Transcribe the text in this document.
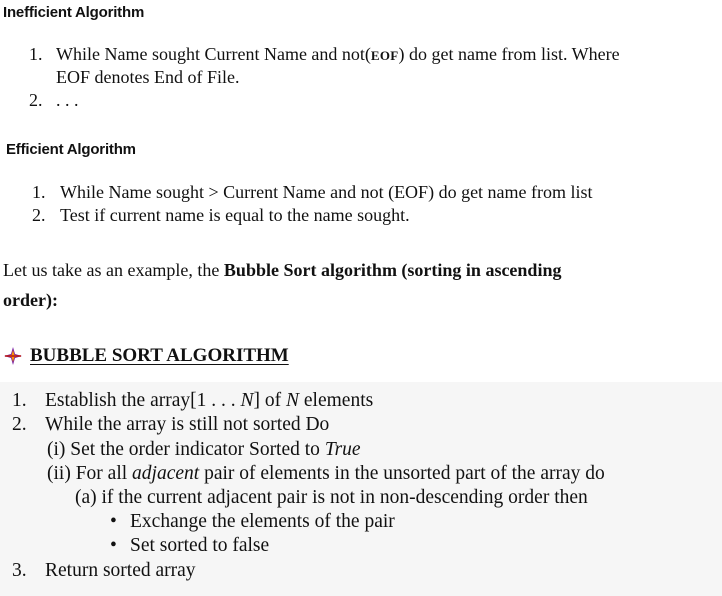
Inefficient Algorithm
1. While Name sought Current Name and not(EOF) do get name from list. Where
EOF denotes End of File.
2. . . .
Efficient Algorithm
1. While Name sought > Current Name and not (EOF) do get name from list
2. Test if current name is equal to the name sought.
Let us take as an example, the Bubble Sort algorithm (sorting in ascending
order):
BUBBLE SORT ALGORITHM
1. Establish the array[1 . . . N] of N elements
2. While the array is still not sorted Do
(i) Set the order indicator Sorted to True
(ii) For all adjacent pair of elements in the unsorted part of the array do
(a) if the current adjacent pair is not in non-descending order then
• Exchange the elements of the pair
• Set sorted to false
3. Return sorted array
